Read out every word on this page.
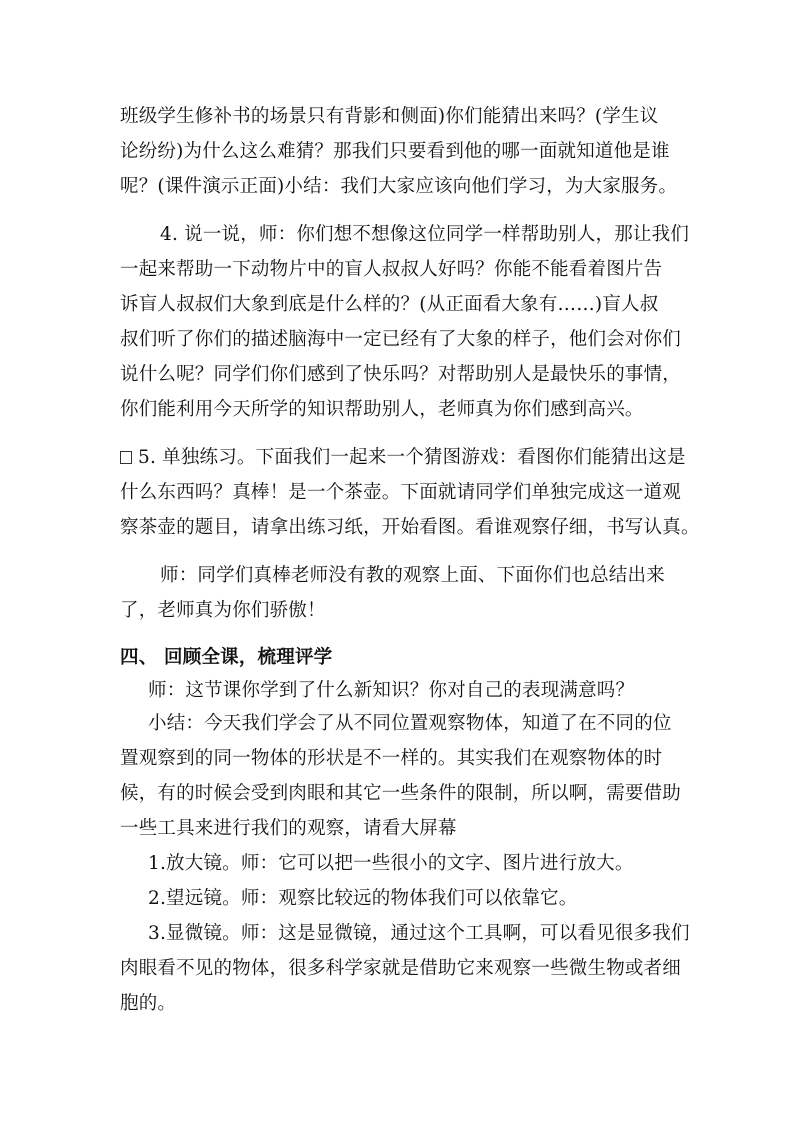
班级学生修补书的场景只有背影和侧面)你们能猜出来吗？(学生议
论纷纷)为什么这么难猜？那我们只要看到他的哪一面就知道他是谁
呢？(课件演示正面)小结：我们大家应该向他们学习，为大家服务。
4. 说一说，师：你们想不想像这位同学一样帮助别人，那让我们
一起来帮助一下动物片中的盲人叔叔人好吗？你能不能看着图片告
诉盲人叔叔们大象到底是什么样的？(从正面看大象有……)盲人叔
叔们听了你们的描述脑海中一定已经有了大象的样子，他们会对你们
说什么呢？同学们你们感到了快乐吗？对帮助别人是最快乐的事情，
你们能利用今天所学的知识帮助别人，老师真为你们感到高兴。
5. 单独练习。下面我们一起来一个猜图游戏：看图你们能猜出这是
什么东西吗？真棒！是一个茶壶。下面就请同学们单独完成这一道观
察茶壶的题目，请拿出练习纸，开始看图。看谁观察仔细，书写认真。
师：同学们真棒老师没有教的观察上面、下面你们也总结出来
了，老师真为你们骄傲！
四、 回顾全课，梳理评学
师：这节课你学到了什么新知识？你对自己的表现满意吗？
小结：今天我们学会了从不同位置观察物体，知道了在不同的位
置观察到的同一物体的形状是不一样的。其实我们在观察物体的时
候，有的时候会受到肉眼和其它一些条件的限制，所以啊，需要借助
一些工具来进行我们的观察，请看大屏幕
1.放大镜。师：它可以把一些很小的文字、图片进行放大。
2.望远镜。师：观察比较远的物体我们可以依靠它。
3.显微镜。师：这是显微镜，通过这个工具啊，可以看见很多我们
肉眼看不见的物体，很多科学家就是借助它来观察一些微生物或者细
胞的。
